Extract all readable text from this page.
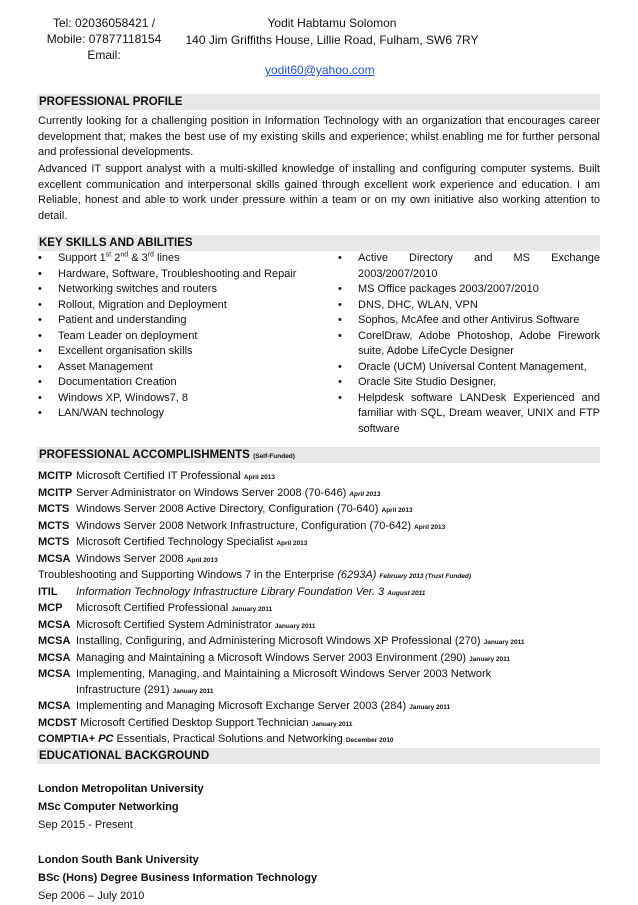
Tel: 02036058421 /
Mobile: 07877118154
Email:
Yodit Habtamu Solomon
140 Jim Griffiths House, Lillie Road, Fulham, SW6 7RY
yodit60@yahoo.com
PROFESSIONAL PROFILE
Currently looking for a challenging position in Information Technology with an organization that encourages career development that; makes the best use of my existing skills and experience; whilst enabling me for further personal and professional developments.
Advanced IT support analyst with a multi-skilled knowledge of installing and configuring computer systems. Built excellent communication and interpersonal skills gained through excellent work experience and education. I am Reliable, honest and able to work under pressure within a team or on my own initiative also working attention to detail.
KEY SKILLS AND ABILITIES
• Support 1st 2nd & 3rd lines
• Hardware, Software, Troubleshooting and Repair
• Networking switches and routers
• Rollout, Migration and Deployment
• Patient and understanding
• Team Leader on deployment
• Excellent organisation skills
• Asset Management
• Documentation Creation
• Windows XP, Windows7, 8
• LAN/WAN technology
• Active Directory and MS Exchange 2003/2007/2010
• MS Office packages 2003/2007/2010
• DNS, DHC, WLAN, VPN
• Sophos, McAfee and other Antivirus Software
• CorelDraw, Adobe Photoshop, Adobe Firework suite, Adobe LifeCycle Designer
• Oracle (UCM) Universal Content Management,
• Oracle Site Studio Designer,
• Helpdesk software LANDesk Experienced and familiar with SQL, Dream weaver, UNIX and FTP software
PROFESSIONAL ACCOMPLISHMENTS (Self-Funded)
MCITP Microsoft Certified IT Professional April 2013
MCITP Server Administrator on Windows Server 2008 (70-646) April 2013
MCTS Windows Server 2008 Active Directory, Configuration (70-640) April 2013
MCTS Windows Server 2008 Network Infrastructure, Configuration (70-642) April 2013
MCTS Microsoft Certified Technology Specialist April 2013
MCSA Windows Server 2008 April 2013
Troubleshooting and Supporting Windows 7 in the Enterprise (6293A) February 2013 (Trust Funded)
ITIL Information Technology Infrastructure Library Foundation Ver. 3 August 2011
MCP Microsoft Certified Professional January 2011
MCSA Microsoft Certified System Administrator January 2011
MCSA Installing, Configuring, and Administering Microsoft Windows XP Professional (270) January 2011
MCSA Managing and Maintaining a Microsoft Windows Server 2003 Environment (290) January 2011
MCSA Implementing, Managing, and Maintaining a Microsoft Windows Server 2003 Network
Infrastructure (291) January 2011
MCSA Implementing and Managing Microsoft Exchange Server 2003 (284) January 2011
MCDST Microsoft Certified Desktop Support Technician January 2011
COMPTIA+ PC Essentials, Practical Solutions and Networking December 2010
EDUCATIONAL BACKGROUND
London Metropolitan University
MSc Computer Networking
Sep 2015 - Present
London South Bank University
BSc (Hons) Degree Business Information Technology
Sep 2006 – July 2010
